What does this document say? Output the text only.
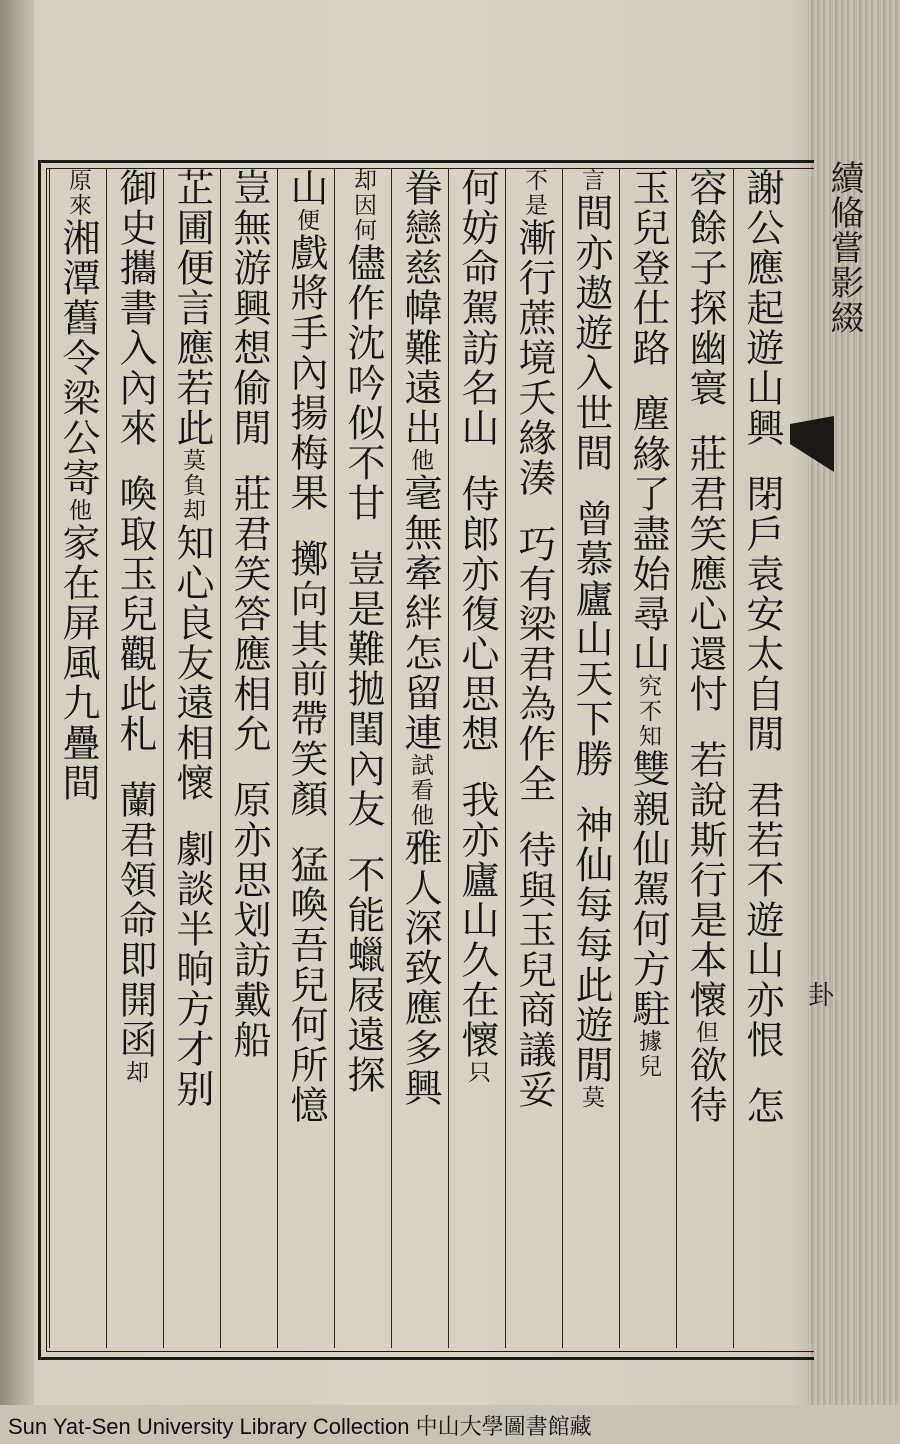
續偹嘗影綴
卦
謝公應起遊山興閉戶袁安太自閒君若不遊山亦恨怎
容餘子探幽寰莊君笑應心還忖若說斯行是本懷但欲待
玉兒登仕路塵緣了盡始尋山究不知雙親仙駕何方駐據兒
言間亦遨遊入世間曾慕廬山天下勝神仙每每此遊閒莫
不是漸行蔗境夭緣湊巧有梁君為作全待與玉兒商議妥
何妨命駕訪名山侍郎亦復心思想我亦廬山久在懷只
眷戀慈幃難遠出他毫無牽絆怎留連試看他雅人深致應多興
却因何儘作沈吟似不甘豈是難拋閨內友不能蠟屐遠探
山便戲將手內揚梅果擲向其前帶笑顏猛喚吾兒何所憶
豈無游興想偷閒莊君笑答應相允原亦思划訪戴船
芷圃便言應若此莫負却知心良友遠相懷劇談半晌方才别
御史攜書入內來喚取玉兒觀此札蘭君領命即開函却
原來湘潭舊令梁公寄他家在屏風九疊間
Sun Yat-Sen University Library Collection 中山大學圖書館藏
